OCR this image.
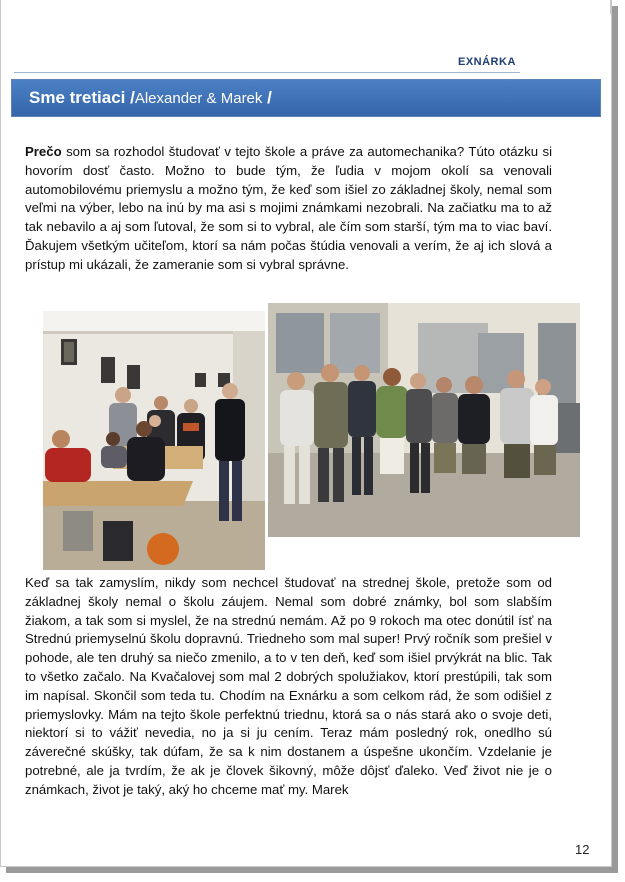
EXNÁRKA
Sme tretiaci /Alexander & Marek /

Prečo som sa rozhodol študovať v tejto škole a práve za automechanika? Túto otázku si hovorím dosť často. Možno to bude tým, že ľudia v mojom okolí sa venovali automobilovému priemyslu a možno tým, že keď som išiel zo základnej školy, nemal som veľmi na výber, lebo na inú by ma asi s mojimi známkami nezobrali. Na začiatku ma to až tak nebavilo a aj som ľutoval, že som si to vybral, ale čím som starší, tým ma to viac baví. Ďakujem všetkým učiteľom, ktorí sa nám počas štúdia venovali a verím, že aj ich slová a prístup mi ukázali, že zameranie som si vybral správne.

Keď sa tak zamyslím, nikdy som nechcel študovať na strednej škole, pretože som od základnej školy nemal o školu záujem. Nemal som dobré známky, bol som slabším žiakom, a tak som si myslel, že na strednú nemám. Až po 9 rokoch ma otec donútil ísť na Strednú priemyselnú školu dopravnú. Triedneho som mal super! Prvý ročník som prešiel v pohode, ale ten druhý sa niečo zmenilo, a to v ten deň, keď som išiel prvýkrát na blic. Tak to všetko začalo. Na Kvačalovej som mal 2 dobrých spolužiakov, ktorí prestúpili, tak som im napísal. Skončil som teda tu. Chodím na Exnárku a som celkom rád, že som odišiel z priemyslovky. Mám na tejto škole perfektnú triednu, ktorá sa o nás stará ako o svoje deti, niektorí si to vážiť nevedia, no ja si ju cením. Teraz mám posledný rok, onedlho sú záverečné skúšky, tak dúfam, že sa k nim dostanem a úspešne ukončím. Vzdelanie je potrebné, ale ja tvrdím, že ak je človek šikovný, môže dôjsť ďaleko. Veď život nie je o známkach, život je taký, aký ho chceme mať my. Marek

12
